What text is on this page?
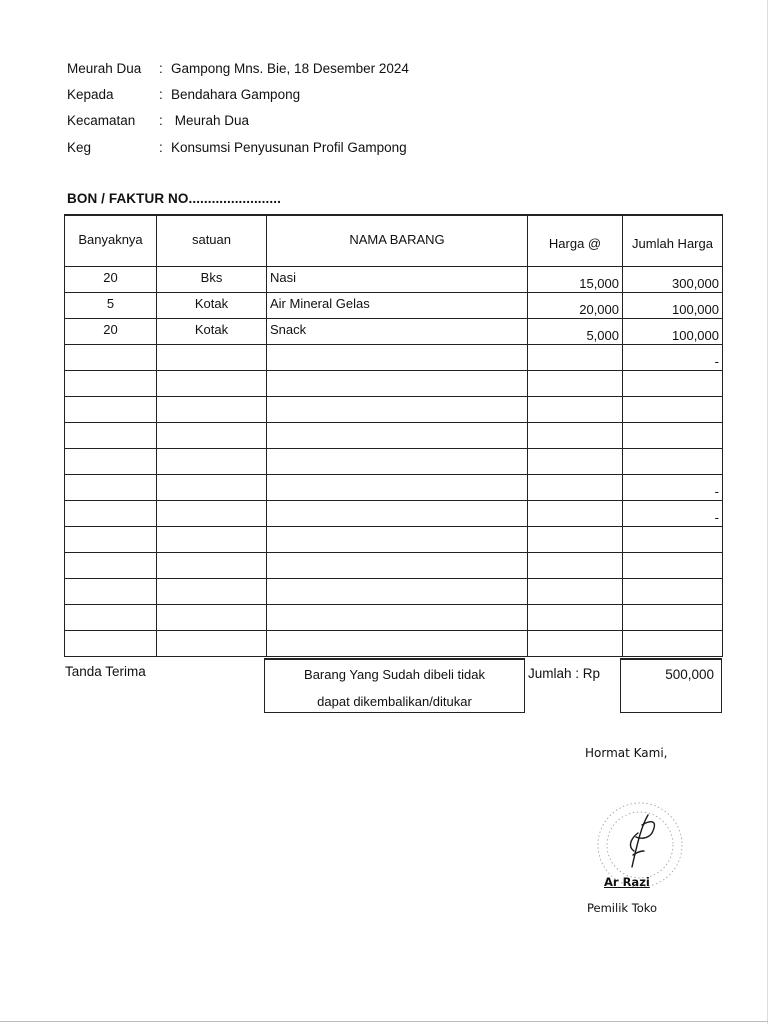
Meurah Dua	: Gampong Mns. Bie, 18 Desember 2024
Kepada	: Bendahara Gampong
Kecamatan	: Meurah Dua
Keg	: Konsumsi Penyusunan Profil Gampong
BON / FAKTUR NO........................
Banyaknya	satuan	NAMA BARANG	Harga @	Jumlah Harga
20	Bks	Nasi	15,000	300,000
5	Kotak	Air Mineral Gelas	20,000	100,000
20	Kotak	Snack	5,000	100,000
				-

				-
				-

Tanda Terima	Barang Yang Sudah dibeli tidak
dapat dikembalikan/ditukar
Jumlah : Rp	500,000
Hormat Kami,
Ar Razi
Pemilik Toko
